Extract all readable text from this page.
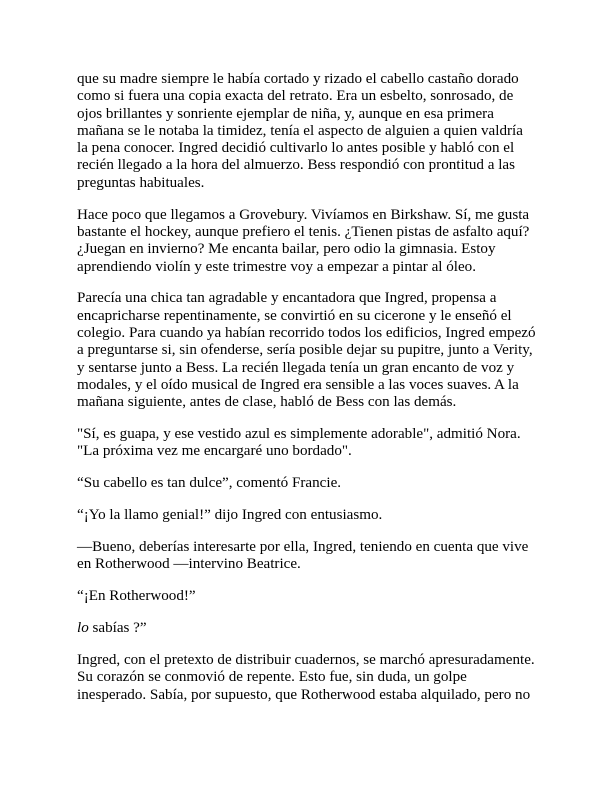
que su madre siempre le había cortado y rizado el cabello castaño dorado como si fuera una copia exacta del retrato. Era un esbelto, sonrosado, de ojos brillantes y sonriente ejemplar de niña, y, aunque en esa primera mañana se le notaba la timidez, tenía el aspecto de alguien a quien valdría la pena conocer. Ingred decidió cultivarlo lo antes posible y habló con el recién llegado a la hora del almuerzo. Bess respondió con prontitud a las preguntas habituales.

Hace poco que llegamos a Grovebury. Vivíamos en Birkshaw. Sí, me gusta bastante el hockey, aunque prefiero el tenis. ¿Tienen pistas de asfalto aquí? ¿Juegan en invierno? Me encanta bailar, pero odio la gimnasia. Estoy aprendiendo violín y este trimestre voy a empezar a pintar al óleo.

Parecía una chica tan agradable y encantadora que Ingred, propensa a encapricharse repentinamente, se convirtió en su cicerone y le enseñó el colegio. Para cuando ya habían recorrido todos los edificios, Ingred empezó a preguntarse si, sin ofenderse, sería posible dejar su pupitre, junto a Verity, y sentarse junto a Bess. La recién llegada tenía un gran encanto de voz y modales, y el oído musical de Ingred era sensible a las voces suaves. A la mañana siguiente, antes de clase, habló de Bess con las demás.

"Sí, es guapa, y ese vestido azul es simplemente adorable", admitió Nora. "La próxima vez me encargaré uno bordado".

“Su cabello es tan dulce”, comentó Francie.

“¡Yo la llamo genial!” dijo Ingred con entusiasmo.

—Bueno, deberías interesarte por ella, Ingred, teniendo en cuenta que vive en Rotherwood —intervino Beatrice.

“¡En Rotherwood!”

lo sabías ?”

Ingred, con el pretexto de distribuir cuadernos, se marchó apresuradamente. Su corazón se conmovió de repente. Esto fue, sin duda, un golpe inesperado. Sabía, por supuesto, que Rotherwood estaba alquilado, pero no
